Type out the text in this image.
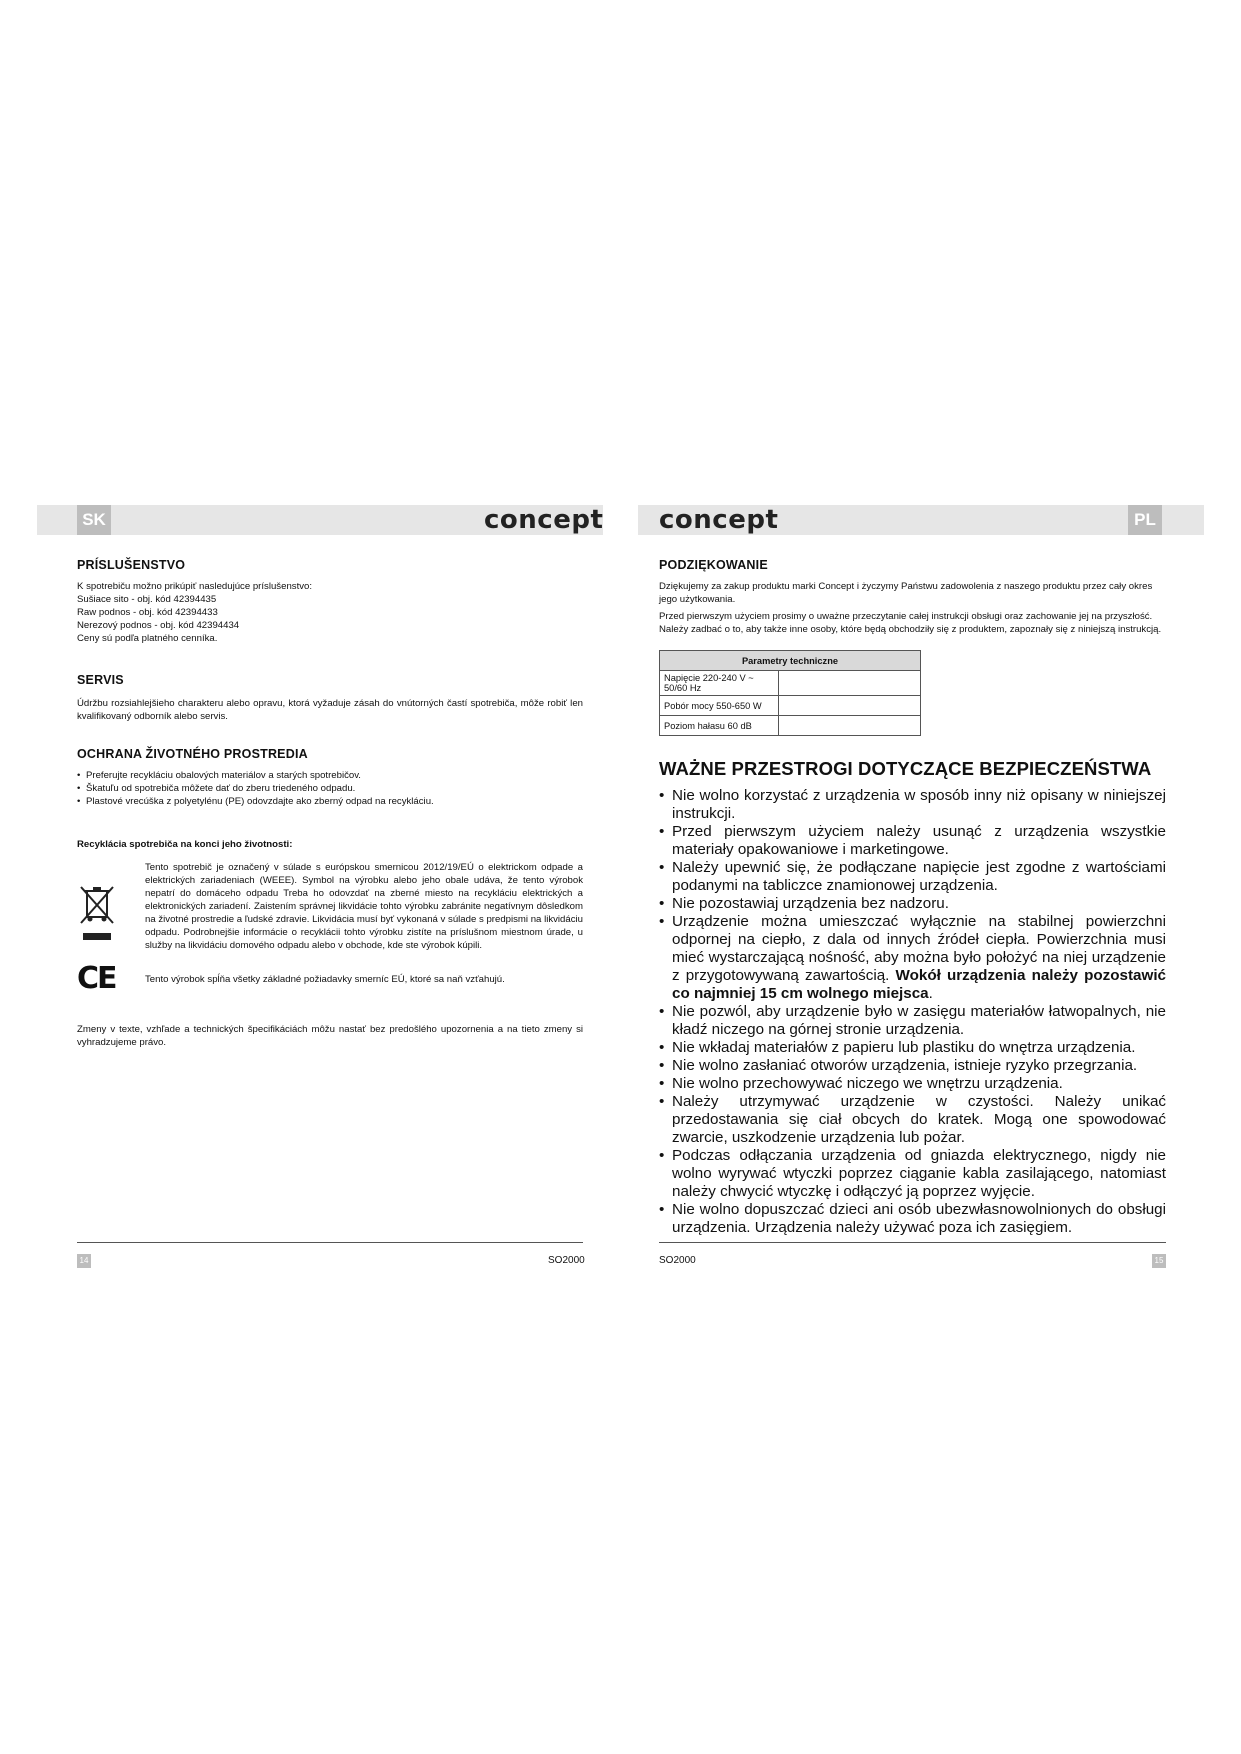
SK	PL
concept concept
PRÍSLUŠENSTVO

K spotrebiču možno prikúpiť nasledujúce príslušenstvo:

Sušiace sito - obj. kód 42394435

Raw podnos - obj. kód 42394433

Nerezový podnos - obj. kód 42394434

Ceny sú podľa platného cenníka.

SERVIS

Údržbu rozsiahlejšieho charakteru alebo opravu, ktorá vyžaduje zásah do vnútorných častí spotrebiča, môže robiť len kvalifikovaný odborník alebo servis.

OCHRANA ŽIVOTNÉHO PROSTREDIA
• Preferujte recykláciu obalových materiálov a starých spotrebičov.
• Škatuľu od spotrebiča môžete dať do zberu triedeného odpadu.
• Plastové vrecúška z polyetylénu (PE) odovzdajte ako zberný odpad na recykláciu.

Recyklácia spotrebiča na konci jeho životnosti:

CE

Tento spotrebič je označený v súlade s európskou smernicou 2012/19/EÚ o elektrickom odpade a elektrických zariadeniach (WEEE). Symbol na výrobku alebo jeho obale udáva, že tento výrobok nepatrí do domáceho odpadu Treba ho odovzdať na zberné miesto na recykláciu elektrických a elektronických zariadení. Zaistením správnej likvidácie tohto výrobku zabránite negatívnym dôsledkom na životné prostredie a ľudské zdravie. Likvidácia musí byť vykonaná v súlade s predpismi na likvidáciu odpadu. Podrobnejšie informácie o recyklácii tohto výrobku zistíte na príslušnom miestnom úrade, u služby na likvidáciu domového odpadu alebo v obchode, kde ste výrobok kúpili.

Tento výrobok spĺňa všetky základné požiadavky smerníc EÚ, ktoré sa naň vzťahujú.

Zmeny v texte, vzhľade a technických špecifikáciách môžu nastať bez predošlého upozornenia a na tieto zmeny si vyhradzujeme právo.

14	SO2000
PODZIĘKOWANIE

Dziękujemy za zakup produktu marki Concept i życzymy Państwu zadowolenia z naszego produktu przez cały okres jego użytkowania.

Przed pierwszym użyciem prosimy o uważne przeczytanie całej instrukcji obsługi oraz zachowanie jej na przyszłość. Należy zadbać o to, aby także inne osoby, które będą obchodziły się z produktem, zapoznały się z niniejszą instrukcją.

Parametry techniczne	
Napięcie 220-240 V ~ 50/60 Hz	
Pobór mocy 550-650 W	
Poziom hałasu 60 dB	
WAŻNE PRZESTROGI DOTYCZĄCE BEZPIECZEŃSTWA
• Nie wolno korzystać z urządzenia w sposób inny niż opisany w niniejszej instrukcji.
• Przed pierwszym użyciem należy usunąć z urządzenia wszystkie materiały opakowaniowe i marketingowe.
• Należy upewnić się, że podłączane napięcie jest zgodne z wartościami podanymi na tabliczce znamionowej urządzenia.
• Nie pozostawiaj urządzenia bez nadzoru.
• Urządzenie można umieszczać wyłącznie na stabilnej powierzchni odpornej na ciepło, z dala od innych źródeł ciepła. Powierzchnia musi mieć wystarczającą nośność, aby można było położyć na niej urządzenie z przygotowywaną zawartością. Wokół urządzenia należy pozostawić co najmniej 15 cm wolnego miejsca.
• Nie pozwól, aby urządzenie było w zasięgu materiałów łatwopalnych, nie kładź niczego na górnej stronie urządzenia.
• Nie wkładaj materiałów z papieru lub plastiku do wnętrza urządzenia.
• Nie wolno zasłaniać otworów urządzenia, istnieje ryzyko przegrzania.
• Nie wolno przechowywać niczego we wnętrzu urządzenia.
• Należy utrzymywać urządzenie w czystości. Należy unikać przedostawania się ciał obcych do kratek. Mogą one spowodować zwarcie, uszkodzenie urządzenia lub pożar.
• Podczas odłączania urządzenia od gniazda elektrycznego, nigdy nie wolno wyrywać wtyczki poprzez ciąganie kabla zasilającego, natomiast należy chwycić wtyczkę i odłączyć ją poprzez wyjęcie.
• Nie wolno dopuszczać dzieci ani osób ubezwłasnowolnionych do obsługi urządzenia. Urządzenia należy używać poza ich zasięgiem.
SO2000	15
